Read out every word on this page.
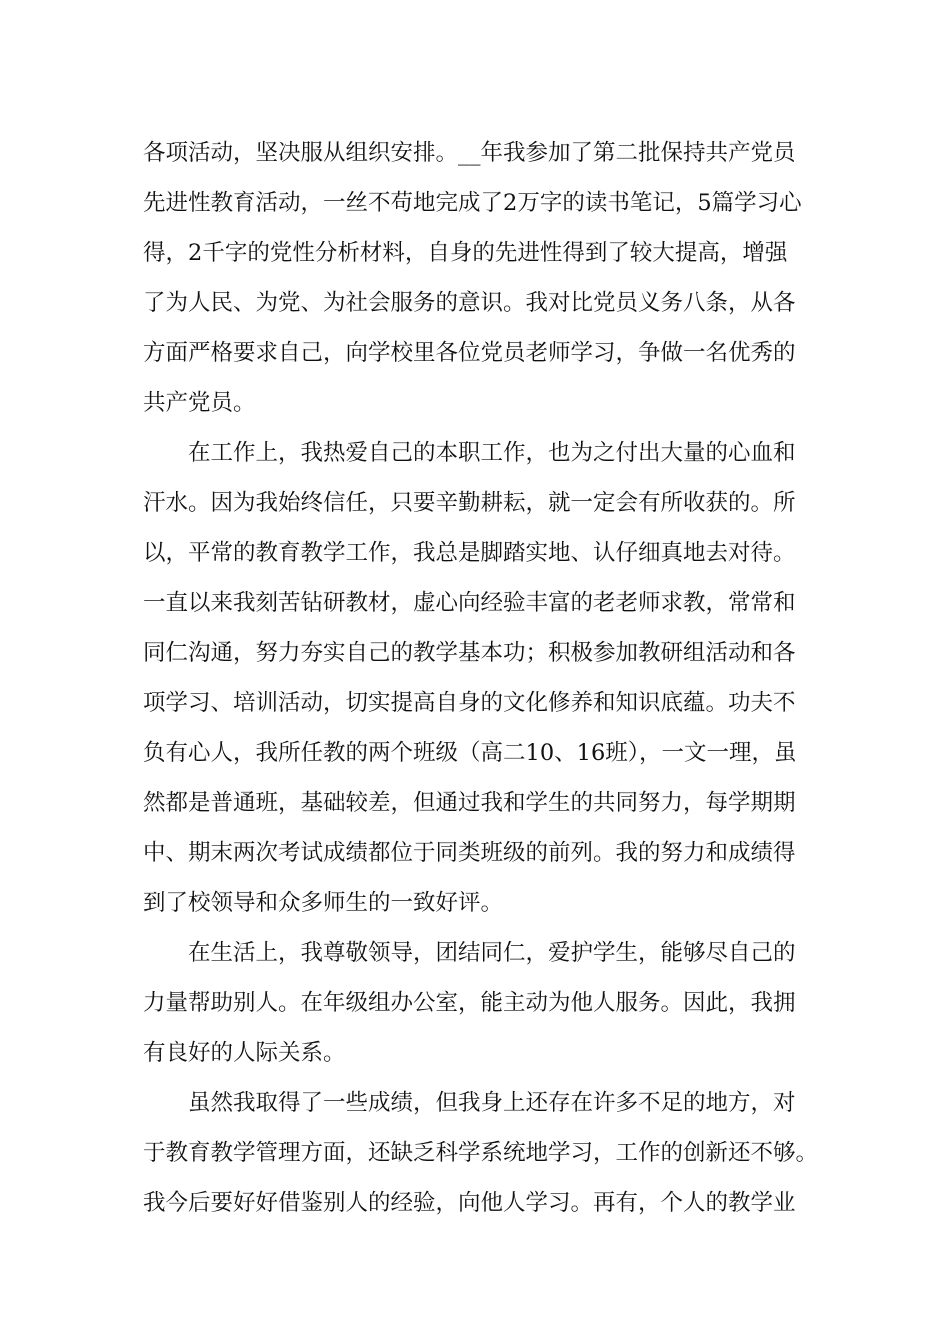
各项活动，坚决服从组织安排。__年我参加了第二批保持共产党员
先进性教育活动，一丝不苟地完成了2万字的读书笔记，5篇学习心
得，2千字的党性分析材料，自身的先进性得到了较大提高，增强
了为人民、为党、为社会服务的意识。我对比党员义务八条，从各
方面严格要求自己，向学校里各位党员老师学习，争做一名优秀的
共产党员。
在工作上，我热爱自己的本职工作，也为之付出大量的心血和
汗水。因为我始终信任，只要辛勤耕耘，就一定会有所收获的。所
以，平常的教育教学工作，我总是脚踏实地、认仔细真地去对待。
一直以来我刻苦钻研教材，虚心向经验丰富的老老师求教，常常和
同仁沟通，努力夯实自己的教学基本功；积极参加教研组活动和各
项学习、培训活动，切实提高自身的文化修养和知识底蕴。功夫不
负有心人，我所任教的两个班级（高二10、16班），一文一理，虽
然都是普通班，基础较差，但通过我和学生的共同努力，每学期期
中、期末两次考试成绩都位于同类班级的前列。我的努力和成绩得
到了校领导和众多师生的一致好评。
在生活上，我尊敬领导，团结同仁，爱护学生，能够尽自己的
力量帮助别人。在年级组办公室，能主动为他人服务。因此，我拥
有良好的人际关系。
虽然我取得了一些成绩，但我身上还存在许多不足的地方，对
于教育教学管理方面，还缺乏科学系统地学习，工作的创新还不够。
我今后要好好借鉴别人的经验，向他人学习。再有，个人的教学业
